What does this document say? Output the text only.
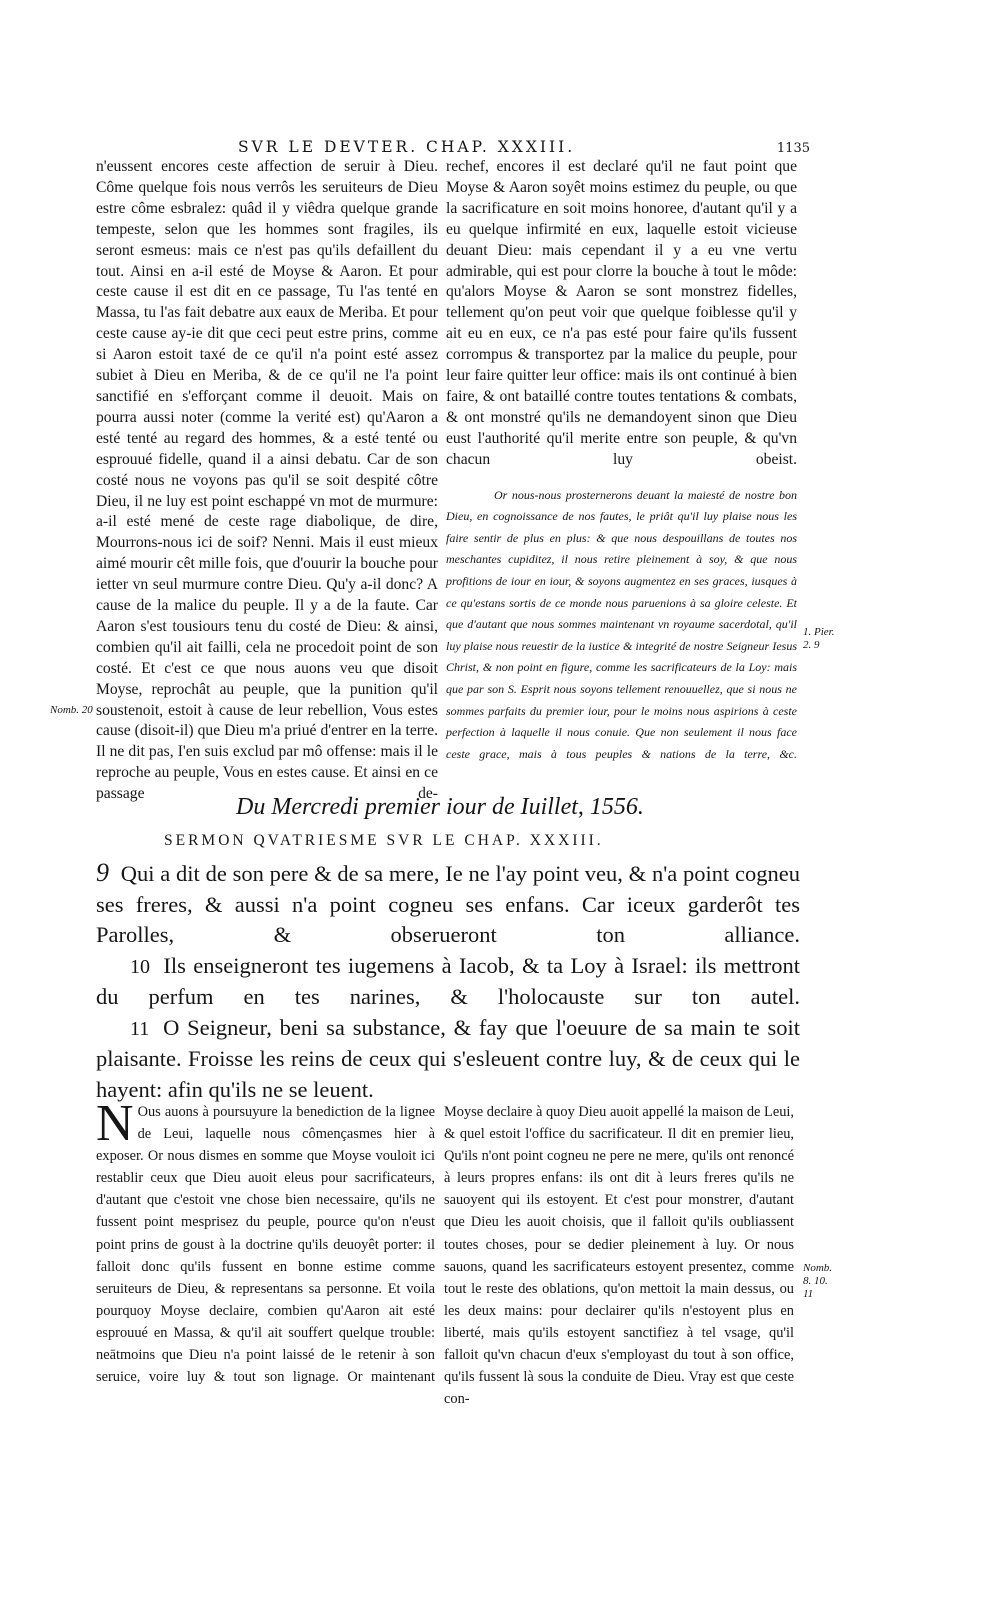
SVR LE DEVTER. CHAP. XXXIII.	1135

n'eussent encores ceste affection de seruir à Dieu. Côme quelque fois nous verrôs les seruiteurs de Dieu estre côme esbralez: quâd il y viêdra quelque grande tempeste, selon que les hommes sont fragiles, ils seront esmeus: mais ce n'est pas qu'ils defaillent du tout. Ainsi en a-il esté de Moyse & Aaron. Et pour ceste cause il est dit en ce passage, Tu l'as tenté en Massa, tu l'as fait debatre aux eaux de Meriba. Et pour ceste cause ay-ie dit que ceci peut estre prins, comme si Aaron estoit taxé de ce qu'il n'a point esté assez subiet à Dieu en Meriba, & de ce qu'il ne l'a point sanctifié en s'efforçant comme il deuoit. Mais on pourra aussi noter (comme la verité est) qu'Aaron a esté tenté au regard des hommes, & a esté tenté ou esprouué fidelle, quand il a ainsi debatu. Car de son costé nous ne voyons pas qu'il se soit despité côtre Dieu, il ne luy est point eschappé vn mot de murmure: a-il esté mené de ceste rage diabolique, de dire, Mourrons-nous ici de soif? Nenni. Mais il eust mieux aimé mourir cêt mille fois, que d'ouurir la bouche pour ietter vn seul murmure contre Dieu. Qu'y a-il donc? A cause de la malice du peuple. Il y a de la faute. Car Aaron s'est tousiours tenu du costé de Dieu: & ainsi, combien qu'il ait failli, cela ne procedoit point de son costé. Et c'est ce que nous auons veu que disoit Moyse, reprochât au peuple, que la punition qu'il soustenoit, estoit à cause de leur rebellion, Vous estes cause (disoit-il) que Dieu m'a priué d'entrer en la terre. Il ne dit pas, I'en suis exclud par mô offense: mais il le reproche au peuple, Vous en estes cause. Et ainsi en ce passage de-

rechef, encores il est declaré qu'il ne faut point que Moyse & Aaron soyêt moins estimez du peuple, ou que la sacrificature en soit moins honoree, d'autant qu'il y a eu quelque infirmité en eux, laquelle estoit vicieuse deuant Dieu: mais cependant il y a eu vne vertu admirable, qui est pour clorre la bouche à tout le môde: qu'alors Moyse & Aaron se sont monstrez fidelles, tellement qu'on peut voir que quelque foiblesse qu'il y ait eu en eux, ce n'a pas esté pour faire qu'ils fussent corrompus & transportez par la malice du peuple, pour leur faire quitter leur office: mais ils ont continué à bien faire, & ont bataillé contre toutes tentations & combats, & ont monstré qu'ils ne demandoyent sinon que Dieu eust l'authorité qu'il merite entre son peuple, & qu'vn chacun luy obeist.

Or nous-nous prosternerons deuant la maiesté de nostre bon Dieu, en cognoissance de nos fautes, le priât qu'il luy plaise nous les faire sentir de plus en plus: & que nous despouillans de toutes nos meschantes cupiditez, il nous retire pleinement à soy, & que nous profitions de iour en iour, & soyons augmentez en ses graces, iusques à ce qu'estans sortis de ce monde nous paruenions à sa gloire celeste. Et que d'autant que nous sommes maintenant vn royaume sacerdotal, qu'il luy plaise nous reuestir de la iustice & integrité de nostre Seigneur Iesus Christ, & non point en figure, comme les sacrificateurs de la Loy: mais que par son S. Esprit nous soyons tellement renouuellez, que si nous ne sommes parfaits du premier iour, pour le moins nous aspirions à ceste perfection à laquelle il nous conuie. Que non seulement il nous face ceste grace, mais à tous peuples & nations de la terre, &c.

Nomb. 20
1. Pier. 2. 9
Nomb. 8. 10. 11
Du Mercredi premier iour de Iuillet, 1556.
SERMON QVATRIESME SVR LE CHAP. XXXIII.

9 Qui a dit de son pere & de sa mere, Ie ne l'ay point veu, & n'a point cogneu ses freres, & aussi n'a point cogneu ses enfans. Car iceux garderôt tes Parolles, & obserueront ton alliance.

10 Ils enseigneront tes iugemens à Iacob, & ta Loy à Israel: ils mettront du perfum en tes narines, & l'holocauste sur ton autel.

11 O Seigneur, beni sa substance, & fay que l'oeuure de sa main te soit plaisante. Froisse les reins de ceux qui s'esleuent contre luy, & de ceux qui le hayent: afin qu'ils ne se leuent.

N Ous auons à poursuyure la benediction de la lignee de Leui, laquelle nous cômençasmes hier à exposer. Or nous dismes en somme que Moyse vouloit ici restablir ceux que Dieu auoit eleus pour sacrificateurs, d'autant que c'estoit vne chose bien necessaire, qu'ils ne fussent point mesprisez du peuple, pource qu'on n'eust point prins de goust à la doctrine qu'ils deuoyêt porter: il falloit donc qu'ils fussent en bonne estime comme seruiteurs de Dieu, & representans sa personne. Et voila pourquoy Moyse declaire, combien qu'Aaron ait esté esprouué en Massa, & qu'il ait souffert quelque trouble: neātmoins que Dieu n'a point laissé de le retenir à son seruice, voire luy & tout son lignage. Or maintenant

Moyse declaire à quoy Dieu auoit appellé la maison de Leui, & quel estoit l'office du sacrificateur. Il dit en premier lieu, Qu'ils n'ont point cogneu ne pere ne mere, qu'ils ont renoncé à leurs propres enfans: ils ont dit à leurs freres qu'ils ne sauoyent qui ils estoyent. Et c'est pour monstrer, d'autant que Dieu les auoit choisis, que il falloit qu'ils oubliassent toutes choses, pour se dedier pleinement à luy. Or nous sauons, quand les sacrificateurs estoyent presentez, comme tout le reste des oblations, qu'on mettoit la main dessus, ou les deux mains: pour declairer qu'ils n'estoyent plus en liberté, mais qu'ils estoyent sanctifiez à tel vsage, qu'il falloit qu'vn chacun d'eux s'employast du tout à son office, qu'ils fussent là sous la conduite de Dieu. Vray est que ceste con-
